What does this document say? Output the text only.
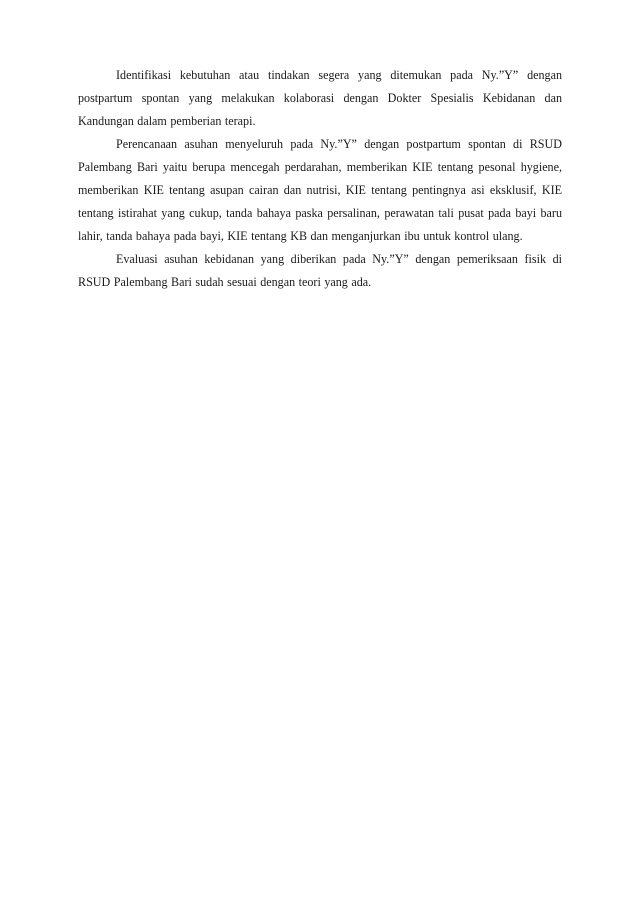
Identifikasi kebutuhan atau tindakan segera yang ditemukan pada Ny.”Y” dengan postpartum spontan yang melakukan kolaborasi dengan Dokter Spesialis Kebidanan dan Kandungan dalam pemberian terapi.

Perencanaan asuhan menyeluruh pada Ny.”Y” dengan postpartum spontan di RSUD Palembang Bari yaitu berupa mencegah perdarahan, memberikan KIE tentang pesonal hygiene, memberikan KIE tentang asupan cairan dan nutrisi, KIE tentang pentingnya asi eksklusif, KIE tentang istirahat yang cukup, tanda bahaya paska persalinan, perawatan tali pusat pada bayi baru lahir, tanda bahaya pada bayi, KIE tentang KB dan menganjurkan ibu untuk kontrol ulang.

Evaluasi asuhan kebidanan yang diberikan pada Ny.”Y” dengan pemeriksaan fisik di RSUD Palembang Bari sudah sesuai dengan teori yang ada.
